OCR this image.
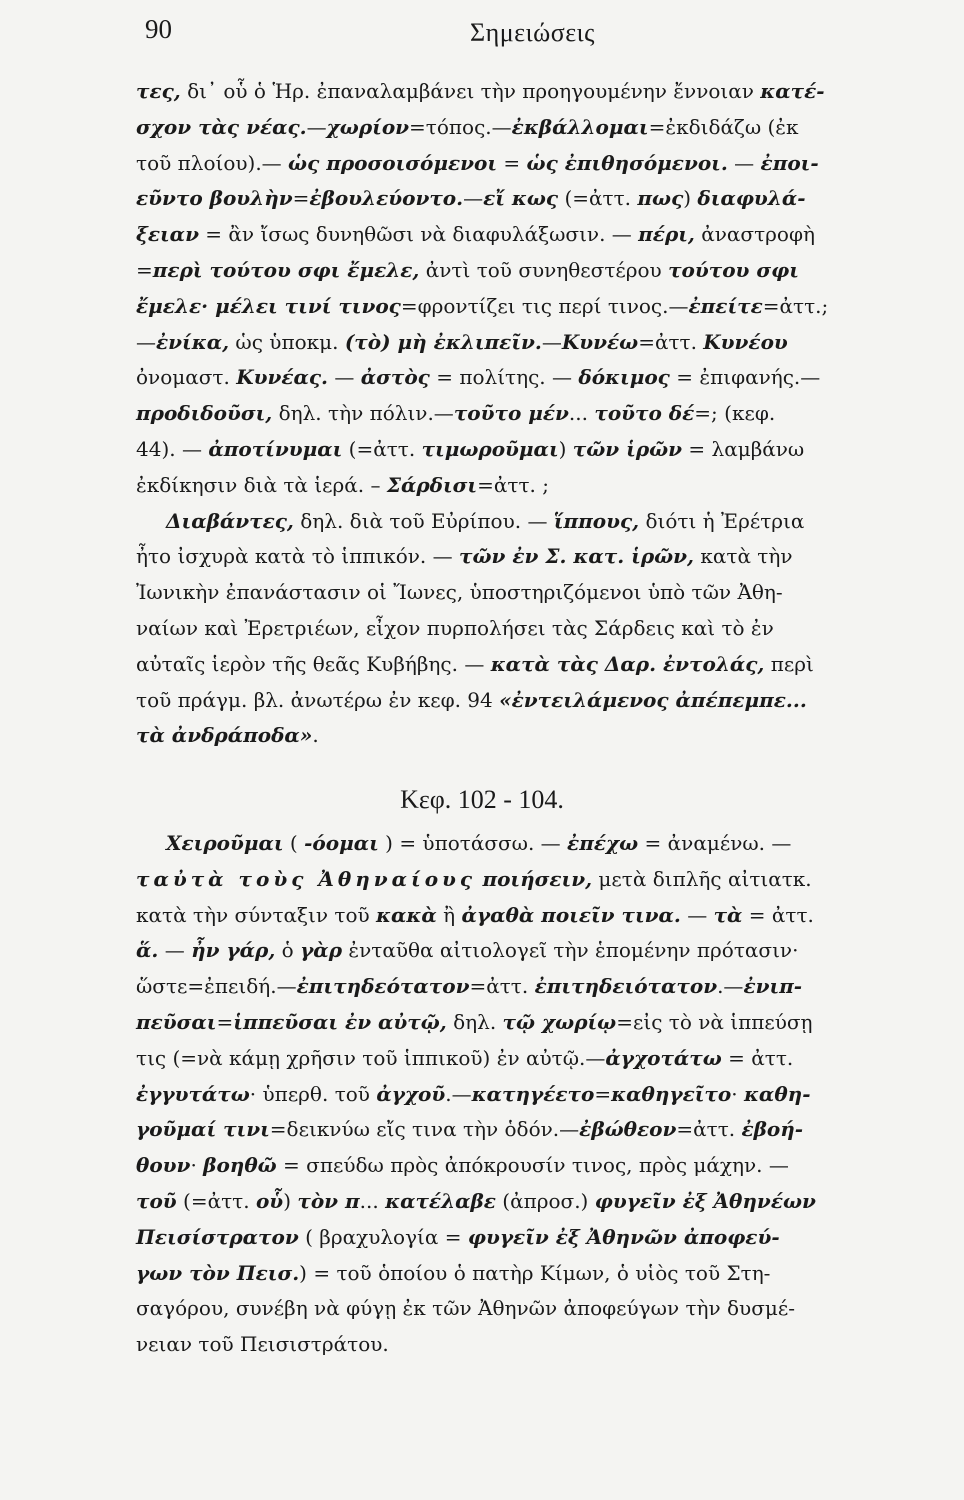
90	Σημειώσεις
τες, δι᾽ οὗ ὁ Ἡρ. ἐπαναλαμβάνει τὴν προηγουμένην ἔννοιαν κατέ-
σχον τὰς νέας.—χωρίον=τόπος.—ἐκβάλλομαι=ἐκδιδάζω (ἐκ
τοῦ πλοίου).— ὡς προσοισόμενοι = ὡς ἐπιθησόμενοι. — ἐποι-
εῦντο βουλὴν=ἐβουλεύοντο.—εἴ κως (=ἀττ. πως) διαφυλά-
ξειαν = ἂν ἴσως δυνηθῶσι νὰ διαφυλάξωσιν. — πέρι, ἀναστροφὴ
=περὶ τούτου σφι ἔμελε, ἀντὶ τοῦ συνηθεστέρου τούτου σφι
ἔμελε· μέλει τινί τινος=φροντίζει τις περί τινος.—ἐπείτε=ἀττ.;
—ἐνίκα, ὡς ὑποκμ. (τὸ) μὴ ἐκλιπεῖν.—Κυνέω=ἀττ. Κυνέου
ὀνομαστ. Κυνέας. — ἀστὸς = πολίτης. — δόκιμος = ἐπιφανής.—
προδιδοῦσι, δηλ. τὴν πόλιν.—τοῦτο μέν... τοῦτο δέ=; (κεφ.
44). — ἀποτίνυμαι (=ἀττ. τιμωροῦμαι) τῶν ἱρῶν = λαμβάνω
ἐκδίκησιν διὰ τὰ ἱερά. – Σάρδισι=ἀττ. ;
Διαβάντες, δηλ. διὰ τοῦ Εὐρίπου. — ἵππους, διότι ἡ Ἐρέτρια
ἦτο ἰσχυρὰ κατὰ τὸ ἱππικόν. — τῶν ἐν Σ. κατ. ἱρῶν, κατὰ τὴν
Ἰωνικὴν ἐπανάστασιν οἱ Ἴωνες, ὑποστηριζόμενοι ὑπὸ τῶν Ἀθη-
ναίων καὶ Ἐρετριέων, εἶχον πυρπολήσει τὰς Σάρδεις καὶ τὸ ἐν
αὐταῖς ἱερὸν τῆς θεᾶς Κυβήβης. — κατὰ τὰς Δαρ. ἐντολάς, περὶ
τοῦ πράγμ. βλ. ἀνωτέρω ἐν κεφ. 94 «ἐντειλάμενος ἀπέπεμπε...
τὰ ἀνδράποδα».
Κεφ. 102 - 104.
Χειροῦμαι ( -όομαι ) = ὑποτάσσω. — ἐπέχω = ἀναμένω. —
ταὐτὰ τοὺς Ἀθηναίους ποιήσειν, μετὰ διπλῆς αἰτιατκ.
κατὰ τὴν σύνταξιν τοῦ κακὰ ἢ ἀγαθὰ ποιεῖν τινα. — τὰ = ἀττ.
ἅ. — ἦν γάρ, ὁ γὰρ ἐνταῦθα αἰτιολογεῖ τὴν ἑπομένην πρότασιν·
ὥστε=ἐπειδή.—ἐπιτηδεότατον=ἀττ. ἐπιτηδειότατον.—ἐνιπ-
πεῦσαι=ἱππεῦσαι ἐν αὐτῷ, δηλ. τῷ χωρίῳ=εἰς τὸ νὰ ἱππεύσῃ
τις (=νὰ κάμῃ χρῆσιν τοῦ ἱππικοῦ) ἐν αὐτῷ.—ἀγχοτάτω = ἀττ.
ἐγγυτάτω· ὑπερθ. τοῦ ἀγχοῦ.—κατηγέετο=καθηγεῖτο· καθη-
γοῦμαί τινι=δεικνύω εἴς τινα τὴν ὁδόν.—ἐβώθεον=ἀττ. ἐβοή-
θουν· βοηθῶ = σπεύδω πρὸς ἀπόκρουσίν τινος, πρὸς μάχην. —
τοῦ (=ἀττ. οὗ) τὸν π... κατέλαβε (ἀπροσ.) φυγεῖν ἐξ Ἀθηνέων
Πεισίστρατον ( βραχυλογία = φυγεῖν ἐξ Ἀθηνῶν ἀποφεύ-
γων τὸν Πεισ.) = τοῦ ὁποίου ὁ πατὴρ Κίμων, ὁ υἱὸς τοῦ Στη-
σαγόρου, συνέβη νὰ φύγῃ ἐκ τῶν Ἀθηνῶν ἀποφεύγων τὴν δυσμέ-
νειαν τοῦ Πεισιστράτου.
